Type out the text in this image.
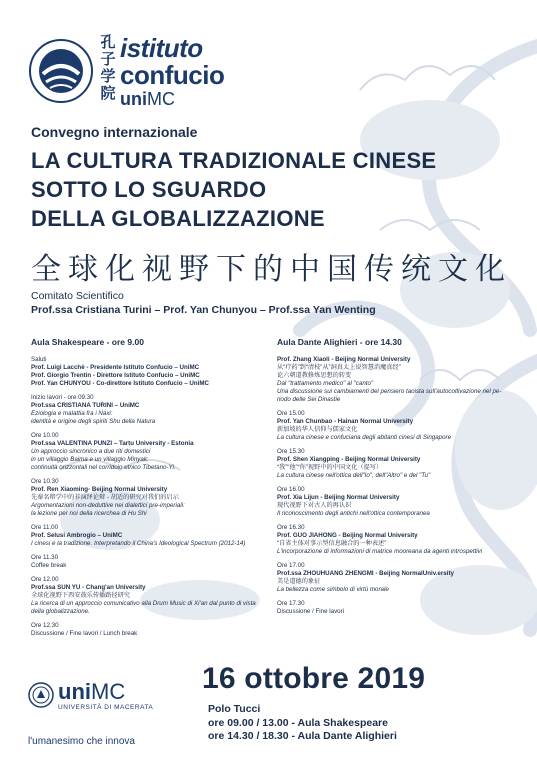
孔
子
学
院
istituto
confucio
uniMC
Convegno internazionale
LA CULTURA TRADIZIONALE CINESE
SOTTO LO SGUARDO
DELLA GLOBALIZZAZIONE
全球化视野下的中国传统文化
Comitato Scientifico
Prof.ssa Cristiana Turini – Prof. Yan Chunyou – Prof.ssa Yan Wenting
Aula Shakespeare - ore 9.00
Saluti
Prof. Luigi Lacchè - Presidente Istituto Confucio – UniMC
Prof. Giorgio Trentin - Direttore Istituto Confucio – UniMC
Prof. Yan CHUNYOU - Co-direttore Istituto Confucio – UniMC
Inizio lavori - ore 09.30
Prof.ssa CRISTIANA TURINI – UniMC
Eziologia e malattia fra i Naxi:
identità e origine degli spiriti Shu della Natura
Ore 10.00
Prof.ssa VALENTINA PUNZI – Tartu University - Estonia
Un approccio sincronico a due riti domestici
in un villaggio Baima e un villaggio Minyak:
continuità orizzontali nel corridoio etnico Tibetano-Yi.
Ore 10.30
Prof. Ren Xiaoming- Beijing Normal University
先秦名辩学中的非演绎论辩 - 胡适的研究对我们的启示
Argomentazioni non-deduttive nei dialettici pre-imperiali:
la lezione per noi della ricerchea di Hu Shi
Ore 11.00
Prof. Selusi Ambrogio – UniMC
I cinesi e la tradizione. Interpretando il China's Ideological Spectrum (2012-14)
Ore 11.30
Coffee break
Ore 12.00
Prof.ssa SUN YU - Chang'an University
全球化视野下西安鼓乐传播路径研究
La ricerca di un approccio comunicativo alla Drum Music di Xi'an dal punto di vista
della globalizzazione.
Ore 12.30
Discussione / Fine lavori / Lunch break
Aula Dante Alighieri - ore 14.30
Prof. Zhang Xiaoli - Beijing Normal University
从“疗药”到“清枝”从”洞真太上说智慧消魔真经”
论六朝道教修炼思想的转变
Dal "trattamento medico" al "canto"
Una discussione sui cambiamenti del pensiero taoista sull'autocoltivazione nel pe-
riodo delle Sei Dinastie
Ore 15.00
Prof. Yan Chunbao - Hainan Normal University
新加坡的华人信仰与儒家文化
La cultura cinese e confuciana degli abitanti cinesi di Singapore
Ore 15.30
Prof. Shen Xiangping - Beijing Normal University
“我”“他”“你”视野中的中国文化（提写）
La cultura cinese nell'ottica dell"Io", dell"Altro" e del "Tu"
Ore 16.00
Prof. Xia Lijun - Beijing Normal University
现代视野下对古人的再认识
Il riconoscimento degli antichi nell'ottica contemporanea
Ore 16.30
Prof. GUO JIAHONG - Beijing Normal University
“自省主体对事示型信息融合的一种表述”
L'incorporazione di informazioni di matrice mooreana da agenti introspettivi
Ore 17.00
Prof.ssa ZHOUHUANG ZHENGMI - Beijing NormalUniv.ersity
美是道德的象征
La bellezza come simbolo di virtù morale
Ore 17.30
Discussione / Fine lavori
16 ottobre 2019
Polo Tucci
ore 09.00 / 13.00 - Aula Shakespeare
ore 14.30 / 18.30 - Aula Dante Alighieri
uniMC
UNIVERSITÀ DI MACERATA
l'umanesimo che innova
